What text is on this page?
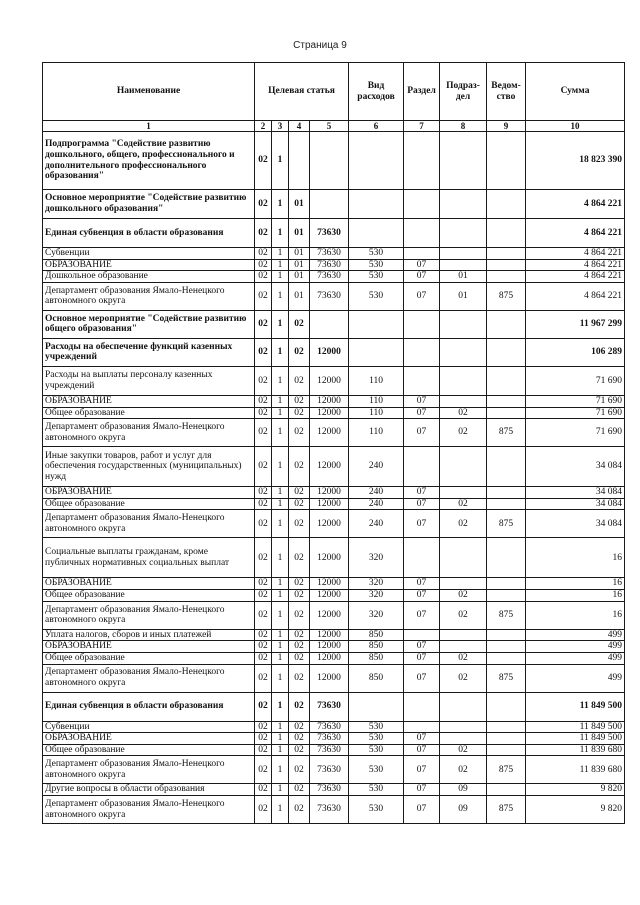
Страница 9
Наименование	Целевая статья				Вид расходов	Раздел	Подраз-дел	Ведом-ство	Сумма
1	2	3	4	5	6	7	8	9	10
Подпрограмма "Содействие развитию дошкольного, общего, профессионального и дополнительного профессионального образования"	02	1							18 823 390
Основное мероприятие "Содействие развитию дошкольного образования"	02	1	01						4 864 221
Единая субвенция в области образования	02	1	01	73630					4 864 221
Субвенции	02	1	01	73630	530				4 864 221
ОБРАЗОВАНИЕ	02	1	01	73630	530	07			4 864 221
Дошкольное образование	02	1	01	73630	530	07	01		4 864 221
Департамент образования Ямало-Ненецкого автономного округа	02	1	01	73630	530	07	01	875	4 864 221
Основное мероприятие "Содействие развитию общего образования"	02	1	02						11 967 299
Расходы на обеспечение функций казенных учреждений	02	1	02	12000					106 289
Расходы на выплаты персоналу казенных учреждений	02	1	02	12000	110				71 690
ОБРАЗОВАНИЕ	02	1	02	12000	110	07			71 690
Общее образование	02	1	02	12000	110	07	02		71 690
Департамент образования Ямало-Ненецкого автономного округа	02	1	02	12000	110	07	02	875	71 690
Иные закупки товаров, работ и услуг для обеспечения государственных (муниципальных) нужд	02	1	02	12000	240				34 084
ОБРАЗОВАНИЕ	02	1	02	12000	240	07			34 084
Общее образование	02	1	02	12000	240	07	02		34 084
Департамент образования Ямало-Ненецкого автономного округа	02	1	02	12000	240	07	02	875	34 084
Социальные выплаты гражданам, кроме публичных нормативных социальных выплат	02	1	02	12000	320				16
ОБРАЗОВАНИЕ	02	1	02	12000	320	07			16
Общее образование	02	1	02	12000	320	07	02		16
Департамент образования Ямало-Ненецкого автономного округа	02	1	02	12000	320	07	02	875	16
Уплата налогов, сборов и иных платежей	02	1	02	12000	850				499
ОБРАЗОВАНИЕ	02	1	02	12000	850	07			499
Общее образование	02	1	02	12000	850	07	02		499
Департамент образования Ямало-Ненецкого автономного округа	02	1	02	12000	850	07	02	875	499
Единая субвенция в области образования	02	1	02	73630					11 849 500
Субвенции	02	1	02	73630	530				11 849 500
ОБРАЗОВАНИЕ	02	1	02	73630	530	07			11 849 500
Общее образование	02	1	02	73630	530	07	02		11 839 680
Департамент образования Ямало-Ненецкого автономного округа	02	1	02	73630	530	07	02	875	11 839 680
Другие вопросы в области образования	02	1	02	73630	530	07	09		9 820
Департамент образования Ямало-Ненецкого автономного округа	02	1	02	73630	530	07	09	875	9 820
